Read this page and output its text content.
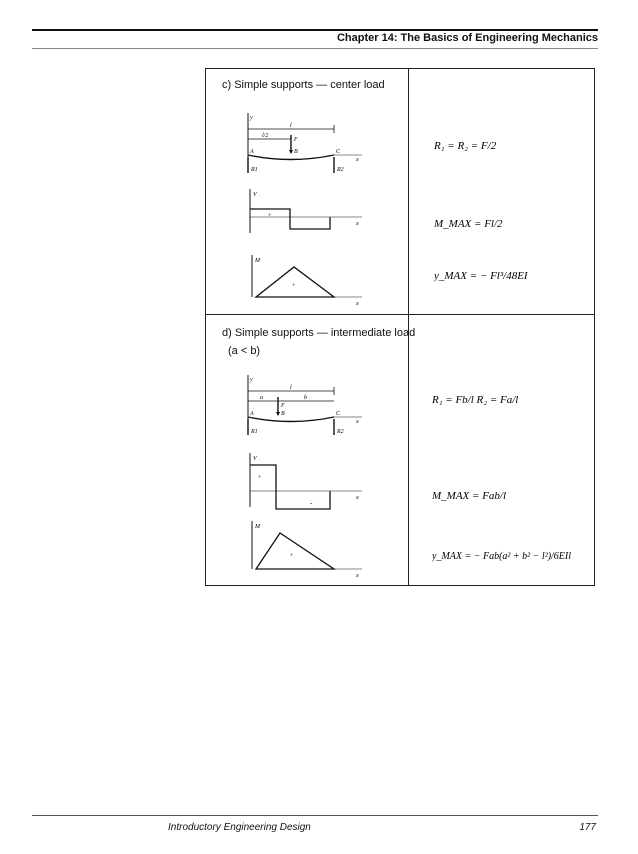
Chapter 14: The Basics of Engineering Mechanics
c) Simple supports — center load
y
l
l/2
F
A	B	C
x
R1	R2
V
+
x
M
+
x
R₁ = R₂ = F/2
M_MAX = Fl/2
y_MAX = − Fl³/48EI
d) Simple supports — intermediate load
(a < b)
y
l
a	b
F
A	B	C
x
R1	R2
V
+
-
x
M
+
x
R₁ = Fb/l R₂ = Fa/l
M_MAX = Fab/l
y_MAX = − Fab(a² + b² − l²)/6EIl
Introductory Engineering Design	177
